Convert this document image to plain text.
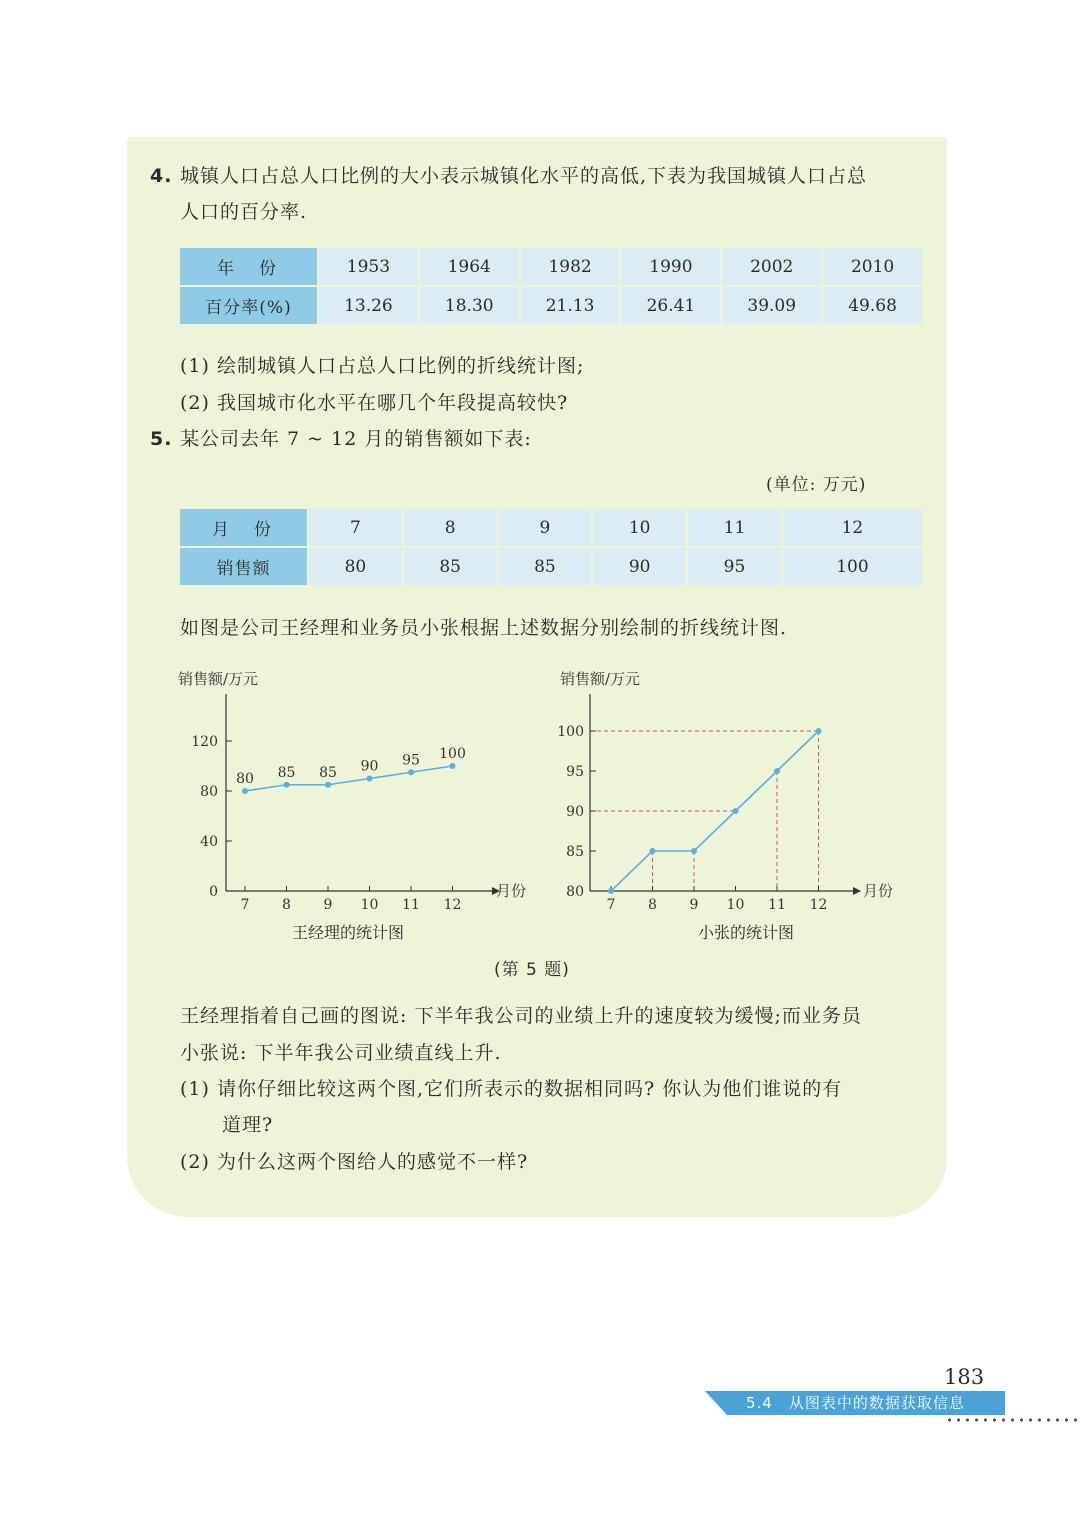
4. 城镇人口占总人口比例的大小表示城镇化水平的高低,下表为我国城镇人口占总
人口的百分率.
年　份	1953	1964	1982	1990	2002	2010
百分率(%)	13.26	18.30	21.13	26.41	39.09	49.68
(1) 绘制城镇人口占总人口比例的折线统计图;
(2) 我国城市化水平在哪几个年段提高较快?
5. 某公司去年 7 ~ 12 月的销售额如下表:
(单位: 万元)
月　份	7	8	9	10	11	12
销售额	80	85	85	90	95	100
如图是公司王经理和业务员小张根据上述数据分别绘制的折线统计图.
销售额/万元
月份
0
40
80
120
7 8 9 10 11 12
80 85 85 90 95 100
王经理的统计图
销售额/万元
月份
80
85
90
95
100
7 8 9 10 11 12
小张的统计图
(第 5 题)
王经理指着自己画的图说: 下半年我公司的业绩上升的速度较为缓慢;而业务员
小张说: 下半年我公司业绩直线上升.
(1) 请你仔细比较这两个图,它们所表示的数据相同吗? 你认为他们谁说的有
道理?
(2) 为什么这两个图给人的感觉不一样?
183
5.4　从图表中的数据获取信息
